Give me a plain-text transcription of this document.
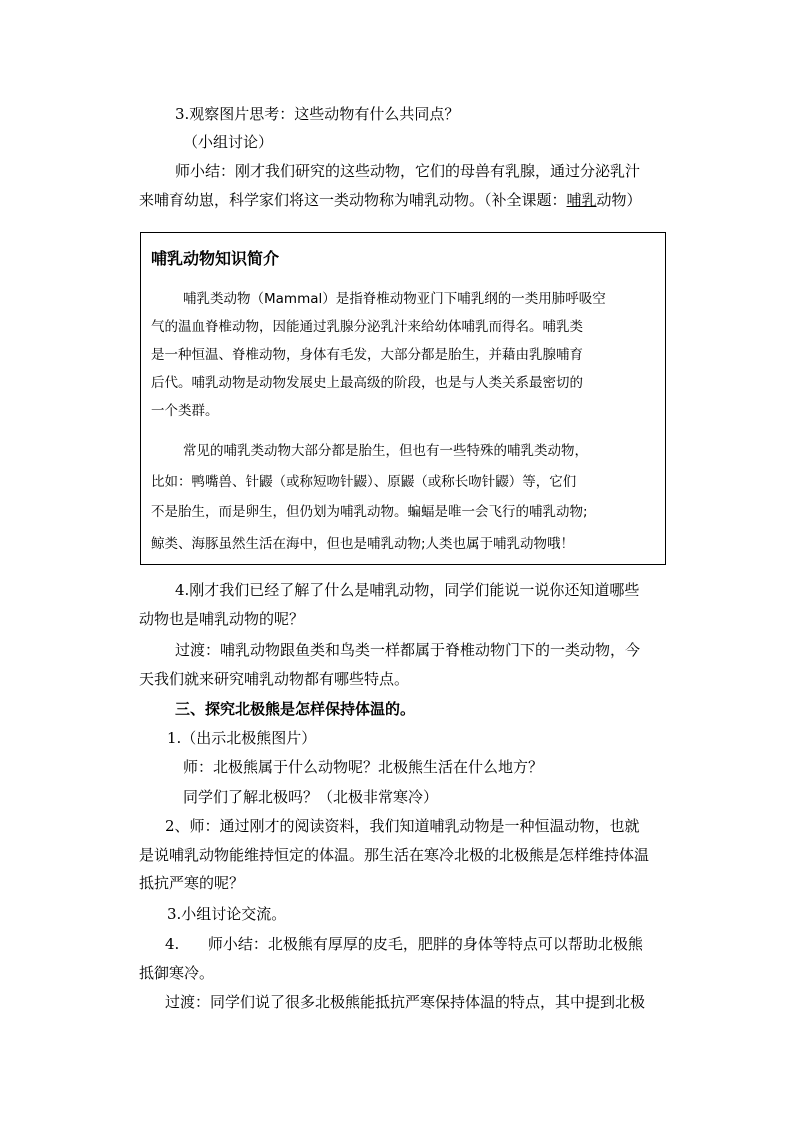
3.观察图片思考：这些动物有什么共同点？
（小组讨论）
师小结：刚才我们研究的这些动物，它们的母兽有乳腺，通过分泌乳汁
来哺育幼崽，科学家们将这一类动物称为哺乳动物。（补全课题：哺乳动物）
哺乳动物知识简介
哺乳类动物（Mammal）是指脊椎动物亚门下哺乳纲的一类用肺呼吸空
气的温血脊椎动物，因能通过乳腺分泌乳汁来给幼体哺乳而得名。哺乳类
是一种恒温、脊椎动物，身体有毛发，大部分都是胎生，并藉由乳腺哺育
后代。哺乳动物是动物发展史上最高级的阶段，也是与人类关系最密切的
一个类群。
常见的哺乳类动物大部分都是胎生，但也有一些特殊的哺乳类动物，
比如：鸭嘴兽、针鼹（或称短吻针鼹）、原鼹（或称长吻针鼹）等，它们
不是胎生，而是卵生，但仍划为哺乳动物。蝙蝠是唯一会飞行的哺乳动物;
鲸类、海豚虽然生活在海中，但也是哺乳动物;人类也属于哺乳动物哦！
4.刚才我们已经了解了什么是哺乳动物，同学们能说一说你还知道哪些
动物也是哺乳动物的呢？
过渡：哺乳动物跟鱼类和鸟类一样都属于脊椎动物门下的一类动物，今
天我们就来研究哺乳动物都有哪些特点。
三、探究北极熊是怎样保持体温的。
1.（出示北极熊图片）
师：北极熊属于什么动物呢？北极熊生活在什么地方？
同学们了解北极吗？（北极非常寒冷）
2、师：通过刚才的阅读资料，我们知道哺乳动物是一种恒温动物，也就
是说哺乳动物能维持恒定的体温。那生活在寒冷北极的北极熊是怎样维持体温
抵抗严寒的呢？
3.小组讨论交流。
4.      师小结：北极熊有厚厚的皮毛，肥胖的身体等特点可以帮助北极熊
抵御寒冷。
过渡：同学们说了很多北极熊能抵抗严寒保持体温的特点，其中提到北极
